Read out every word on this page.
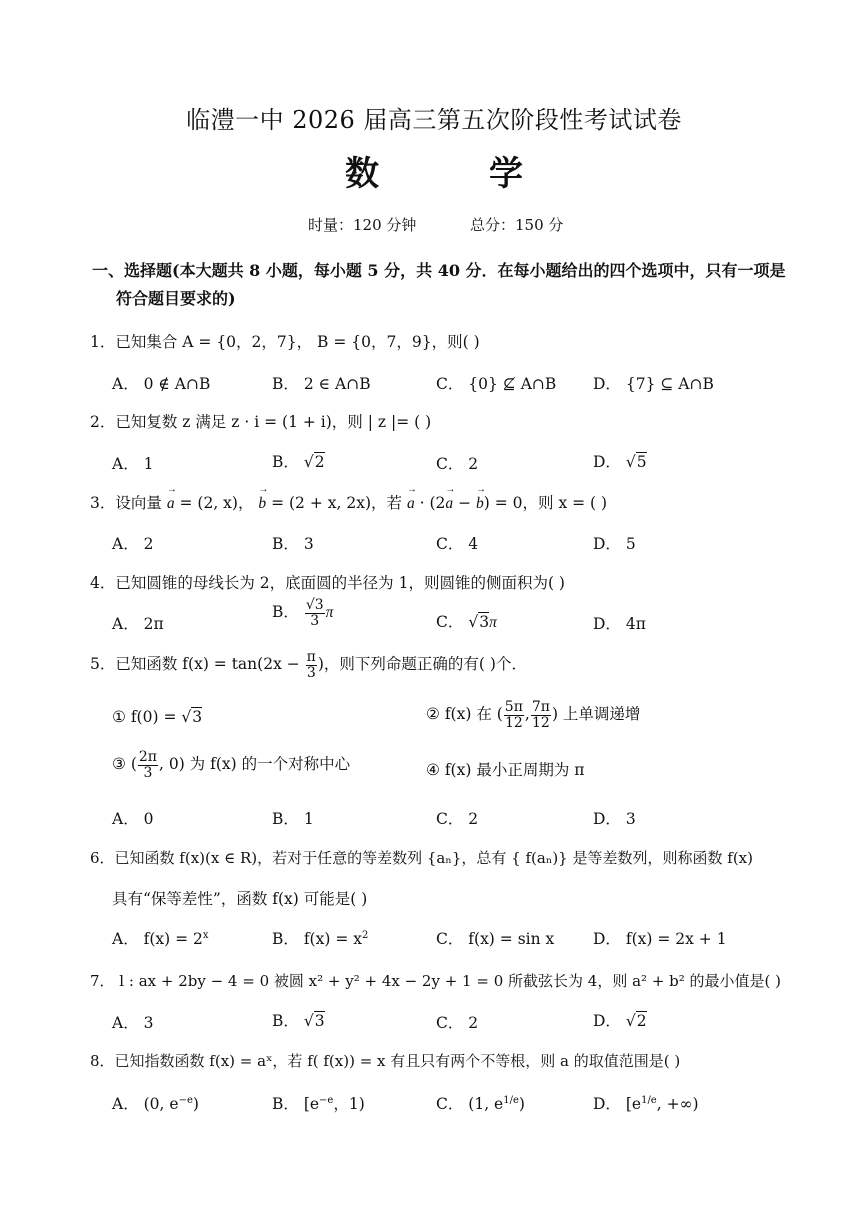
临澧一中 2026 届高三第五次阶段性考试试卷
数学
时量：120 分钟	总分：150 分
一、选择题(本大题共 8 小题，每小题 5 分，共 40 分．在每小题给出的四个选项中，只有一项是
符合题目要求的)
1．已知集合 A = {0，2，7}， B = {0，7，9}，则( )
A． 0 ∉ A∩B	B． 2 ∈ A∩B	C． {0} ⊈ A∩B D． {7} ⊆ A∩B
2．已知复数 z 满足 z · i = (1 + i)，则 | z |= ( )
A． 1	B． √2	C． 2	D． √5
3．设向量 → a = (2, x)， → b = (2 + x, 2x)，若 → a · (2→ a − → b) = 0，则 x = ( )
A． 2	B． 3	C． 4	D． 5
4．已知圆锥的母线长为 2，底面圆的半径为 1，则圆锥的侧面积为( )
A． 2π
B． $\frac{√3}{3}$ π
C． √3π	D． 4π
5．已知函数 $f(x) = \tan(2x - \frac{\pi}{3}$ )，则下列命题正确的有( )个．
① f(0) = √3	② f(x) 在 ( $\frac{5\pi}{12}$ , $\frac{7\pi}{12}$ ) 上单调递增
③ ( $\frac{2\pi}{3}$ , 0) 为 f(x) 的一个对称中心	④ f(x) 最小正周期为 π
A． 0	B． 1	C． 2	D． 3
6．已知函数 f(x)(x ∈ R)，若对于任意的等差数列 {aₙ}，总有 { f(aₙ)} 是等差数列，则称函数 f(x)
具有“保等差性”，函数 f(x) 可能是( )
A． $f(x) = 2^x$	B． $f(x) = x^2$	C． f(x) = sin x D． f(x) = 2x + 1
7． l : ax + 2by − 4 = 0 被圆 x² + y² + 4x − 2y + 1 = 0 所截弦长为 4，则 a² + b² 的最小值是( )
A． 3	B． √3	C． 2	D． √2
8．已知指数函数 f(x) = aˣ，若 f( f(x)) = x 有且只有两个不等根，则 a 的取值范围是( )
A． (0, $e^{-e}$)	B． [$e^{-e}$，1)	C． (1, $e^{1/e}$)	D． [$e^{1/e}$, +∞)
